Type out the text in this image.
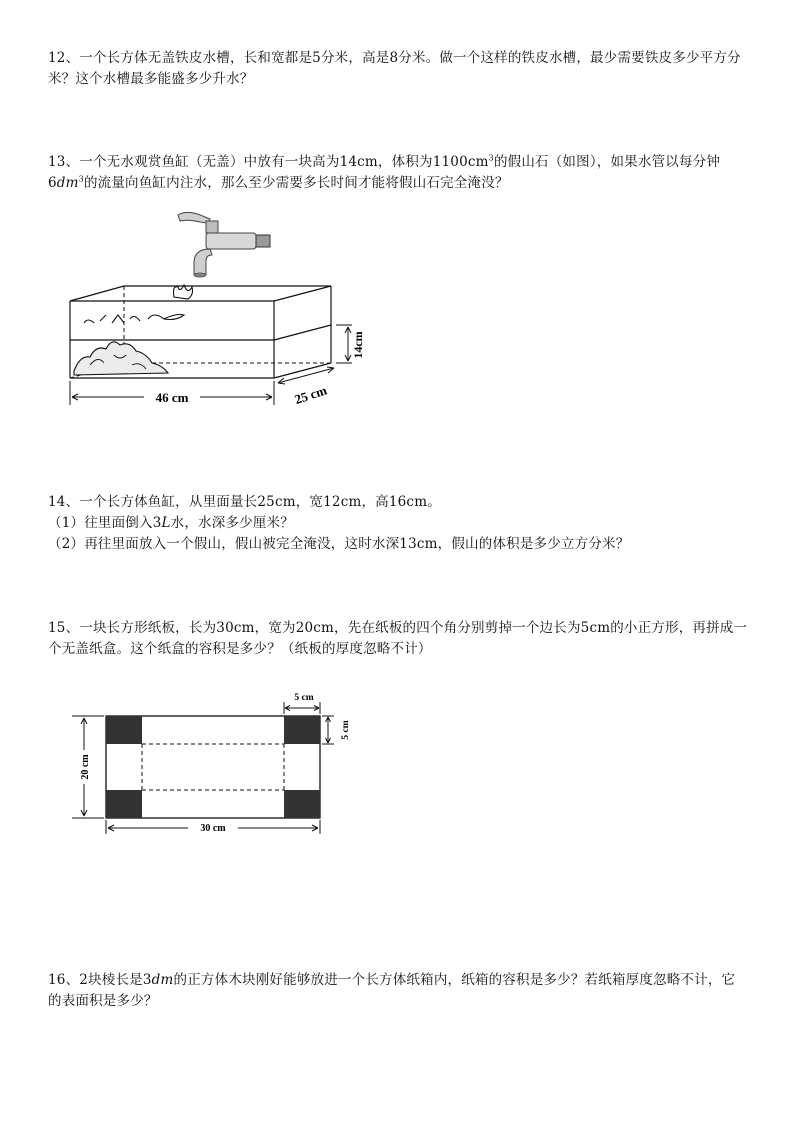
12、一个长方体无盖铁皮水槽，长和宽都是5分米，高是8分米。做一个这样的铁皮水槽，最少需要铁皮多少平方分米？这个水槽最多能盛多少升水？

13、一个无水观赏鱼缸（无盖）中放有一块高为14cm，体积为$1100cm^3$的假山石（如图），如果水管以每分钟$6dm^3$的流量向鱼缸内注水，那么至少需要多长时间才能将假山石完全淹没？

14cm
46 cm	25 cm

14、一个长方体鱼缸，从里面量长25cm，宽12cm，高16cm。

（1）往里面倒入3L水，水深多少厘米？

（2）再往里面放入一个假山，假山被完全淹没，这时水深13cm，假山的体积是多少立方分米？

15、一块长方形纸板，长为30cm，宽为20cm，先在纸板的四个角分别剪掉一个边长为5cm的小正方形，再拼成一个无盖纸盒。这个纸盒的容积是多少？（纸板的厚度忽略不计）

5 cm
5 cm
20 cm
30 cm

16、2块棱长是3dm的正方体木块刚好能够放进一个长方体纸箱内，纸箱的容积是多少？若纸箱厚度忽略不计，它的表面积是多少？
